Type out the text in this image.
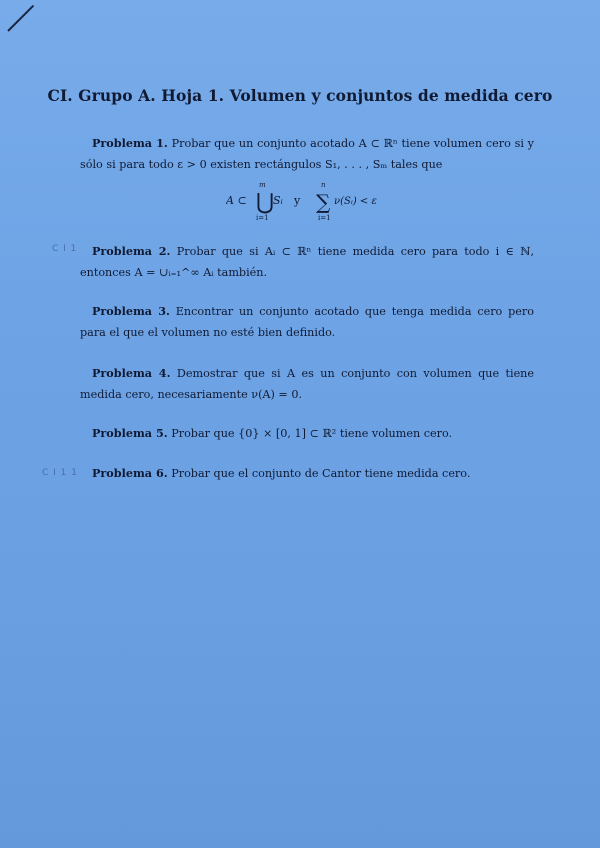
CI. Grupo A. Hoja 1. Volumen y conjuntos de medida cero
Problema 1. Probar que un conjunto acotado A ⊂ ℝⁿ tiene volumen cero si y sólo si para todo ε > 0 existen rectángulos S₁, . . . , Sₘ tales que
A ⊂ ⋃
m
i=1
Sᵢ y ∑
n
i=1
ν(Sᵢ) < ε
C I 1	Problema 2. Probar que si Aᵢ ⊂ ℝⁿ tiene medida cero para todo i ∈ ℕ, entonces A = ∪ᵢ₌₁^∞ Aᵢ también.
Problema 3. Encontrar un conjunto acotado que tenga medida cero pero para el que el volumen no esté bien definido.
Problema 4. Demostrar que si A es un conjunto con volumen que tiene medida cero, necesariamente ν(A) = 0.
Problema 5. Probar que {0} × [0, 1] ⊂ ℝ² tiene volumen cero.
C I 1 1	Problema 6. Probar que el conjunto de Cantor tiene medida cero.
